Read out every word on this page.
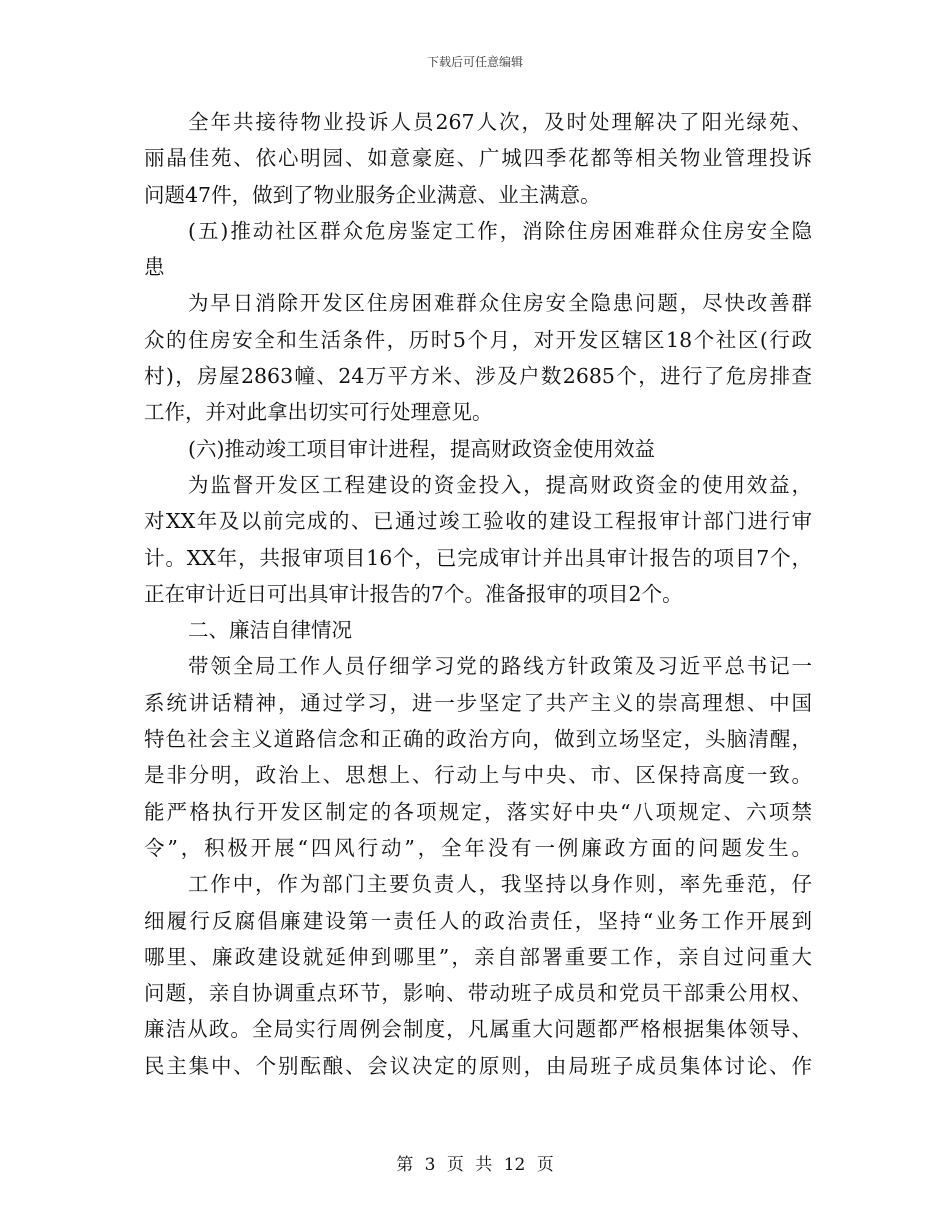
下载后可任意编辑
全年共接待物业投诉人员267人次，及时处理解决了阳光绿苑、
丽晶佳苑、依心明园、如意豪庭、广城四季花都等相关物业管理投诉
问题47件，做到了物业服务企业满意、业主满意。
(五)推动社区群众危房鉴定工作，消除住房困难群众住房安全隐
患
为早日消除开发区住房困难群众住房安全隐患问题，尽快改善群
众的住房安全和生活条件，历时5个月，对开发区辖区18个社区(行政
村)，房屋2863幢、24万平方米、涉及户数2685个，进行了危房排查
工作，并对此拿出切实可行处理意见。
(六)推动竣工项目审计进程，提高财政资金使用效益
为监督开发区工程建设的资金投入，提高财政资金的使用效益，
对XX年及以前完成的、已通过竣工验收的建设工程报审计部门进行审
计。XX年，共报审项目16个，已完成审计并出具审计报告的项目7个，
正在审计近日可出具审计报告的7个。准备报审的项目2个。
二、廉洁自律情况
带领全局工作人员仔细学习党的路线方针政策及习近平总书记一
系统讲话精神，通过学习，进一步坚定了共产主义的崇高理想、中国
特色社会主义道路信念和正确的政治方向，做到立场坚定，头脑清醒，
是非分明，政治上、思想上、行动上与中央、市、区保持高度一致。
能严格执行开发区制定的各项规定，落实好中央“八项规定、六项禁
令”，积极开展“四风行动”，全年没有一例廉政方面的问题发生。
工作中，作为部门主要负责人，我坚持以身作则，率先垂范，仔
细履行反腐倡廉建设第一责任人的政治责任，坚持“业务工作开展到
哪里、廉政建设就延伸到哪里”，亲自部署重要工作，亲自过问重大
问题，亲自协调重点环节，影响、带动班子成员和党员干部秉公用权、
廉洁从政。全局实行周例会制度，凡属重大问题都严格根据集体领导、
民主集中、个别酝酿、会议决定的原则，由局班子成员集体讨论、作
第 3 页 共 12 页
